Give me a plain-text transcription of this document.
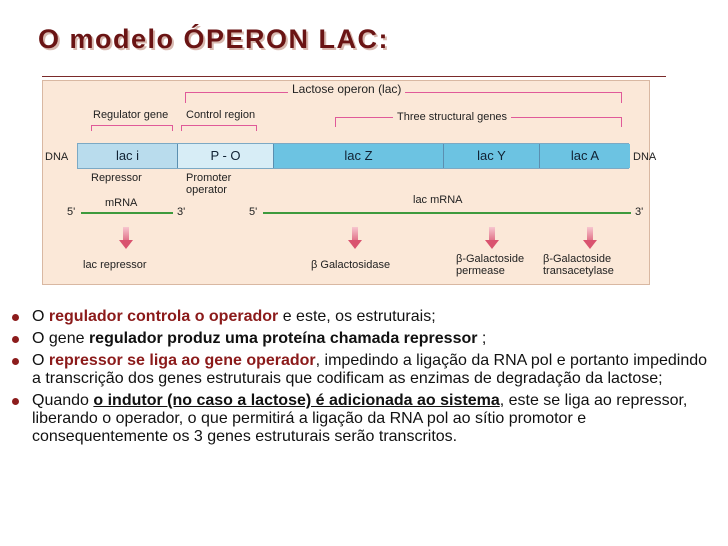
O modelo ÓPERON LAC:
Lactose operon (lac)
Regulator gene	Control region	Three structural genes
DNA	DNA
lac i	P - O	lac Z	lac Y	lac A
Repressor	Promoter operator
mRNA	lac mRNA
5'	3'	5'	3'
lac repressor	β Galactosidase	β-Galactoside permease
β-Galactoside transacetylase
O regulador controla o operador e este, os estruturais;
O gene regulador produz uma proteína chamada repressor ;
O repressor se liga ao gene operador, impedindo a ligação da RNA pol e portanto impedindo a transcrição dos genes estruturais que codificam as enzimas de degradação da lactose;
Quando o indutor (no caso a lactose) é adicionada ao sistema, este se liga ao repressor, liberando o operador, o que permitirá a ligação da RNA pol ao sítio promotor e consequentemente os 3 genes estruturais serão transcritos.
